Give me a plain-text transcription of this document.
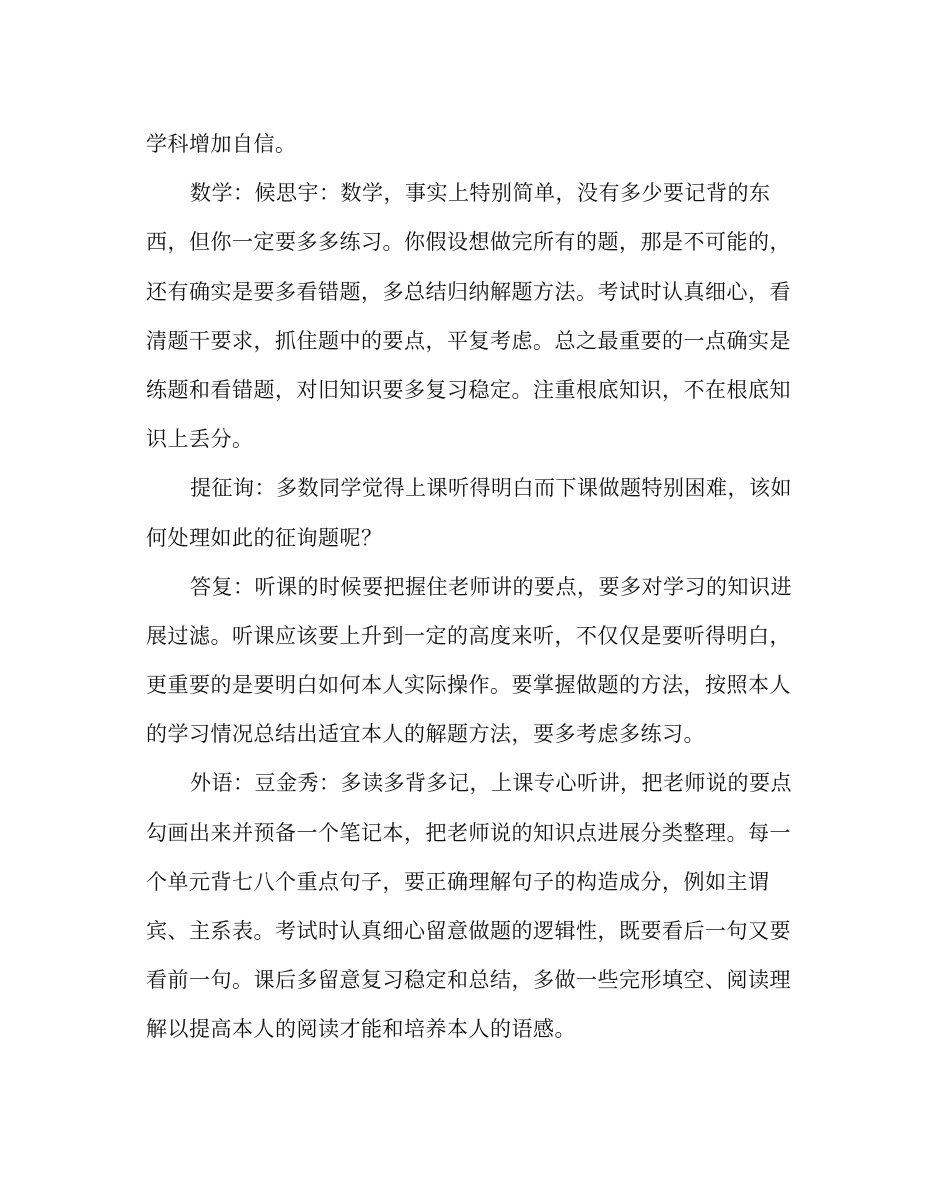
学科增加自信。
数学：候思宇：数学，事实上特别简单，没有多少要记背的东
西，但你一定要多多练习。你假设想做完所有的题，那是不可能的，
还有确实是要多看错题，多总结归纳解题方法。考试时认真细心，看
清题干要求，抓住题中的要点，平复考虑。总之最重要的一点确实是
练题和看错题，对旧知识要多复习稳定。注重根底知识，不在根底知
识上丢分。
提征询：多数同学觉得上课听得明白而下课做题特别困难，该如
何处理如此的征询题呢？
答复：听课的时候要把握住老师讲的要点，要多对学习的知识进
展过滤。听课应该要上升到一定的高度来听，不仅仅是要听得明白，
更重要的是要明白如何本人实际操作。要掌握做题的方法，按照本人
的学习情况总结出适宜本人的解题方法，要多考虑多练习。
外语：豆金秀：多读多背多记，上课专心听讲，把老师说的要点
勾画出来并预备一个笔记本，把老师说的知识点进展分类整理。每一
个单元背七八个重点句子，要正确理解句子的构造成分，例如主谓
宾、主系表。考试时认真细心留意做题的逻辑性，既要看后一句又要
看前一句。课后多留意复习稳定和总结，多做一些完形填空、阅读理
解以提高本人的阅读才能和培养本人的语感。
